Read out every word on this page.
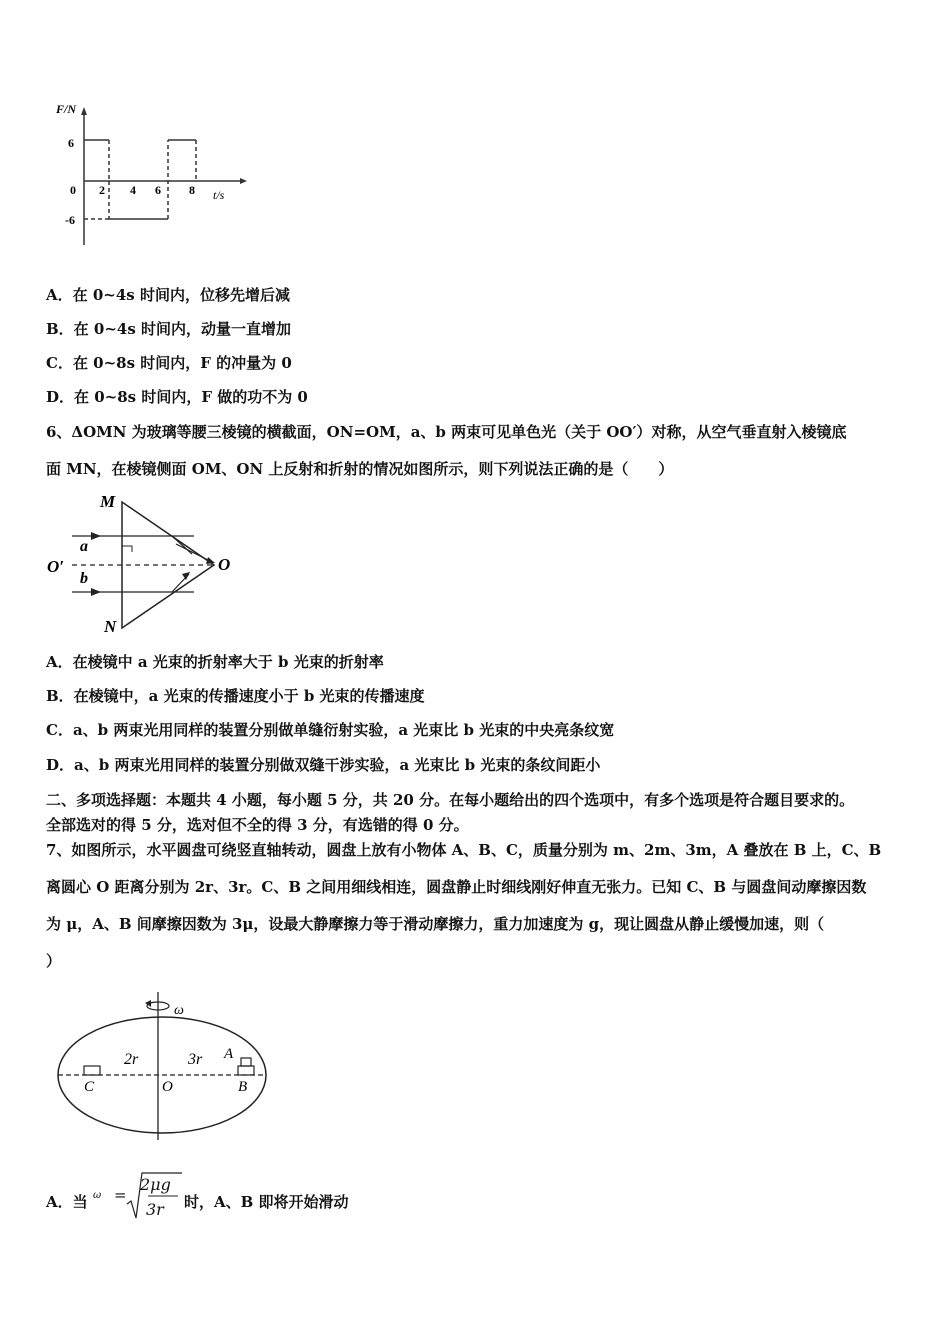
F/N
t/s
6
0
-6
2 4 6 8
A．在 0~4s 时间内，位移先增后减
B．在 0~4s 时间内，动量一直增加
C．在 0~8s 时间内，F 的冲量为 0
D．在 0~8s 时间内，F 做的功不为 0
6、ΔOMN 为玻璃等腰三棱镜的横截面，ON=OM，a、b 两束可见单色光（关于 OO′）对称，从空气垂直射入棱镜底
面 MN，在棱镜侧面 OM、ON 上反射和折射的情况如图所示，则下列说法正确的是（　　）
M
N
O
O′
a
b
A．在棱镜中 a 光束的折射率大于 b 光束的折射率
B．在棱镜中，a 光束的传播速度小于 b 光束的传播速度
C．a、b 两束光用同样的装置分别做单缝衍射实验，a 光束比 b 光束的中央亮条纹宽
D．a、b 两束光用同样的装置分别做双缝干涉实验，a 光束比 b 光束的条纹间距小
二、多项选择题：本题共 4 小题，每小题 5 分，共 20 分。在每小题给出的四个选项中，有多个选项是符合题目要求的。
全部选对的得 5 分，选对但不全的得 3 分，有选错的得 0 分。
7、如图所示，水平圆盘可绕竖直轴转动，圆盘上放有小物体 A、B、C，质量分别为 m、2m、3m，A 叠放在 B 上，C、B
离圆心 O 距离分别为 2r、3r。C、B 之间用细线相连，圆盘静止时细线刚好伸直无张力。已知 C、B 与圆盘间动摩擦因数
为 μ，A、B 间摩擦因数为 3μ，设最大静摩擦力等于滑动摩擦力，重力加速度为 g，现让圆盘从静止缓慢加速，则（
）
ω
2r	3r A
B
C	O
A．当 ω =
2μg
3r 时，A、B 即将开始滑动
